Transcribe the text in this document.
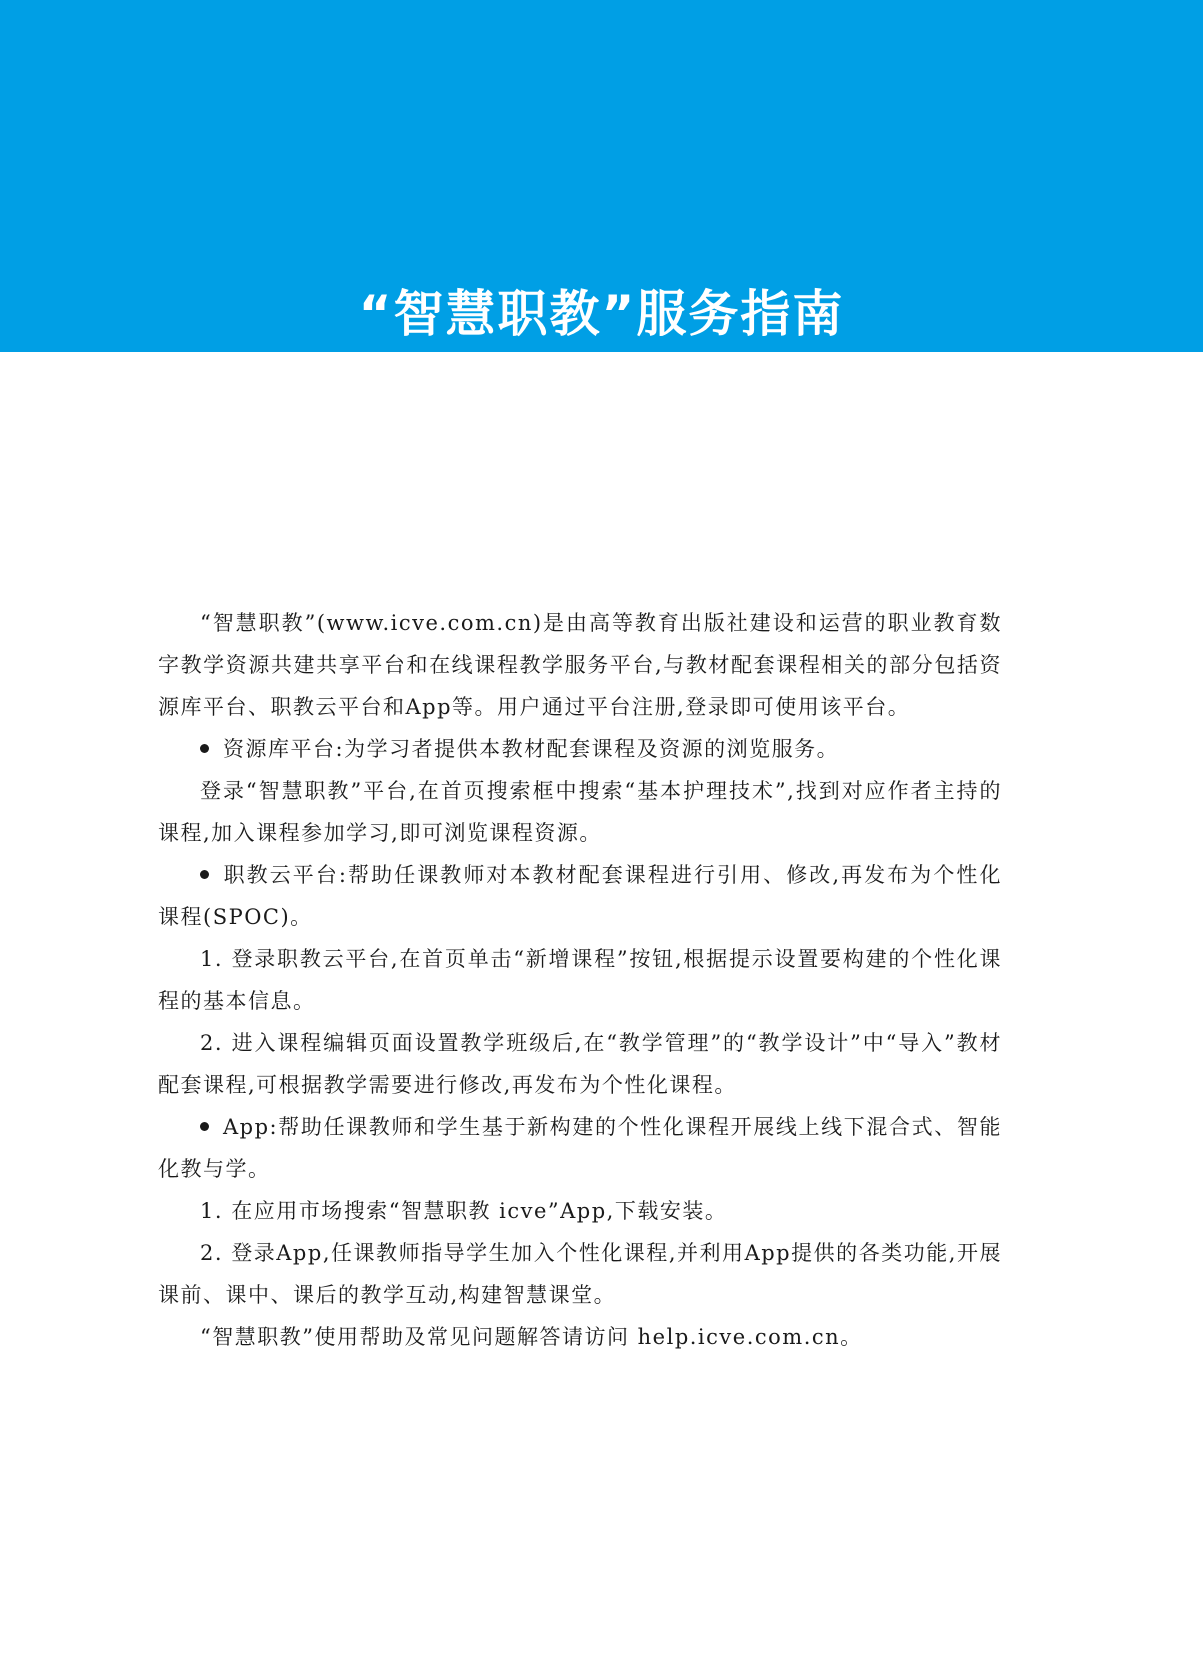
“智慧职教”服务指南

“智慧职教”(www.icve.com.cn)是由高等教育出版社建设和运营的职业教育数字教学资源共建共享平台和在线课程教学服务平台,与教材配套课程相关的部分包括资源库平台、职教云平台和App等。用户通过平台注册,登录即可使用该平台。

资源库平台:为学习者提供本教材配套课程及资源的浏览服务。

登录“智慧职教”平台,在首页搜索框中搜索“基本护理技术”,找到对应作者主持的课程,加入课程参加学习,即可浏览课程资源。

职教云平台:帮助任课教师对本教材配套课程进行引用、修改,再发布为个性化课程(SPOC)。

1. 登录职教云平台,在首页单击“新增课程”按钮,根据提示设置要构建的个性化课程的基本信息。

2. 进入课程编辑页面设置教学班级后,在“教学管理”的“教学设计”中“导入”教材配套课程,可根据教学需要进行修改,再发布为个性化课程。

App:帮助任课教师和学生基于新构建的个性化课程开展线上线下混合式、智能化教与学。

1. 在应用市场搜索“智慧职教 icve”App,下载安装。

2. 登录App,任课教师指导学生加入个性化课程,并利用App提供的各类功能,开展课前、课中、课后的教学互动,构建智慧课堂。

“智慧职教”使用帮助及常见问题解答请访问 help.icve.com.cn。
